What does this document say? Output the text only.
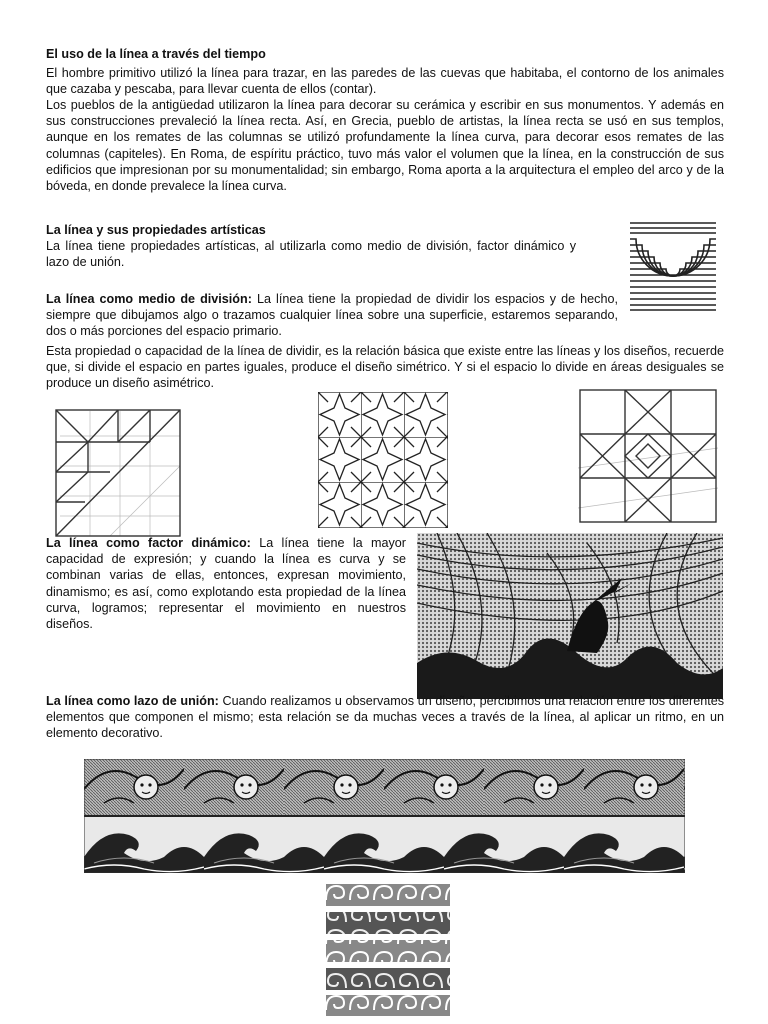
El uso de la línea a través del tiempo
El hombre primitivo utilizó la línea para trazar, en las paredes de las cuevas que habitaba, el contorno de los animales que cazaba y pescaba, para llevar cuenta de ellos (contar).
Los pueblos de la antigüedad utilizaron la línea para decorar su cerámica y escribir en sus monumentos. Y además en sus construcciones prevaleció la línea recta. Así, en Grecia, pueblo de artistas, la línea recta se usó en sus templos, aunque en los remates de las columnas se utilizó profundamente la línea curva, para decorar esos remates de las columnas (capiteles). En Roma, de espíritu práctico, tuvo más valor el volumen que la línea, en la construcción de sus edificios que impresionan por su monumentalidad; sin embargo, Roma aporta a la arquitectura el empleo del arco y de la bóveda, en donde prevalece la línea curva.
La línea y sus propiedades artísticas
La línea tiene propiedades artísticas, al utilizarla como medio de división, factor dinámico y lazo de unión.
La línea como medio de división: La línea tiene la propiedad de dividir los espacios y de hecho, siempre que dibujamos algo o trazamos cualquier línea sobre una superficie, estaremos separando, dos o más porciones del espacio primario.
Esta propiedad o capacidad de la línea de dividir, es la relación básica que existe entre las líneas y los diseños, recuerde que, si divide el espacio en partes iguales, produce el diseño simétrico. Y si el espacio lo divide en áreas desiguales se produce un diseño asimétrico.
La línea como factor dinámico: La línea tiene la mayor capacidad de expresión; y cuando la línea es curva y se combinan varias de ellas, entonces, expresan movimiento, dinamismo; es así, como explotando esta propiedad de la línea curva, logramos; representar el movimiento en nuestros diseños.
La línea como lazo de unión: Cuando realizamos u observamos un diseño, percibimos una relación entre los diferentes elementos que componen el mismo; esta relación se da muchas veces a través de la línea, al aplicar un ritmo, en un elemento decorativo.
